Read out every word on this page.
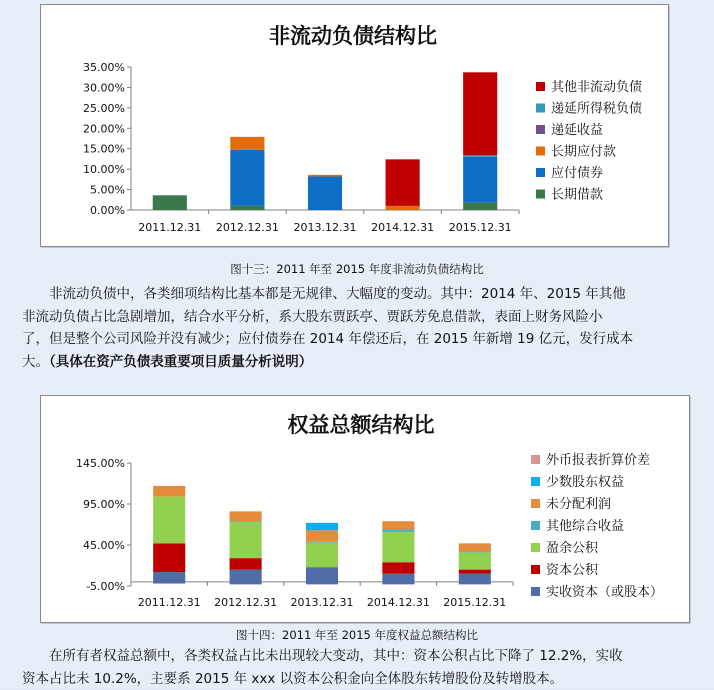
非流动负债结构比
0.00%
5.00%
10.00%
15.00%
20.00%
25.00%
30.00%
35.00%
2011.12.31 2012.12.31 2013.12.31 2014.12.31 2015.12.31
其他非流动负债
递延所得税负债
递延收益
长期应付款
应付债券
长期借款
图十三：2011 年至 2015 年度非流动负债结构比
非流动负债中，各类细项结构比基本都是无规律、大幅度的变动。其中：2014 年、2015 年其他
非流动负债占比急剧增加，结合水平分析，系大股东贾跃亭、贾跃芳免息借款，表面上财务风险小
了，但是整个公司风险并没有减少；应付债券在 2014 年偿还后，在 2015 年新增 19 亿元，发行成本
大。（具体在资产负债表重要项目质量分析说明）
权益总额结构比
-5.00%
45.00%
95.00%
145.00%
2011.12.31 2012.12.31 2013.12.31 2014.12.31 2015.12.31
外币报表折算价差
少数股东权益
未分配利润
其他综合收益
盈余公积
资本公积
实收资本（或股本）
图十四：2011 年至 2015 年度权益总额结构比
在所有者权益总额中，各类权益占比未出现较大变动，其中：资本公积占比下降了 12.2%，实收
资本占比未 10.2%，主要系 2015 年 xxx 以资本公积金向全体股东转增股份及转增股本。
